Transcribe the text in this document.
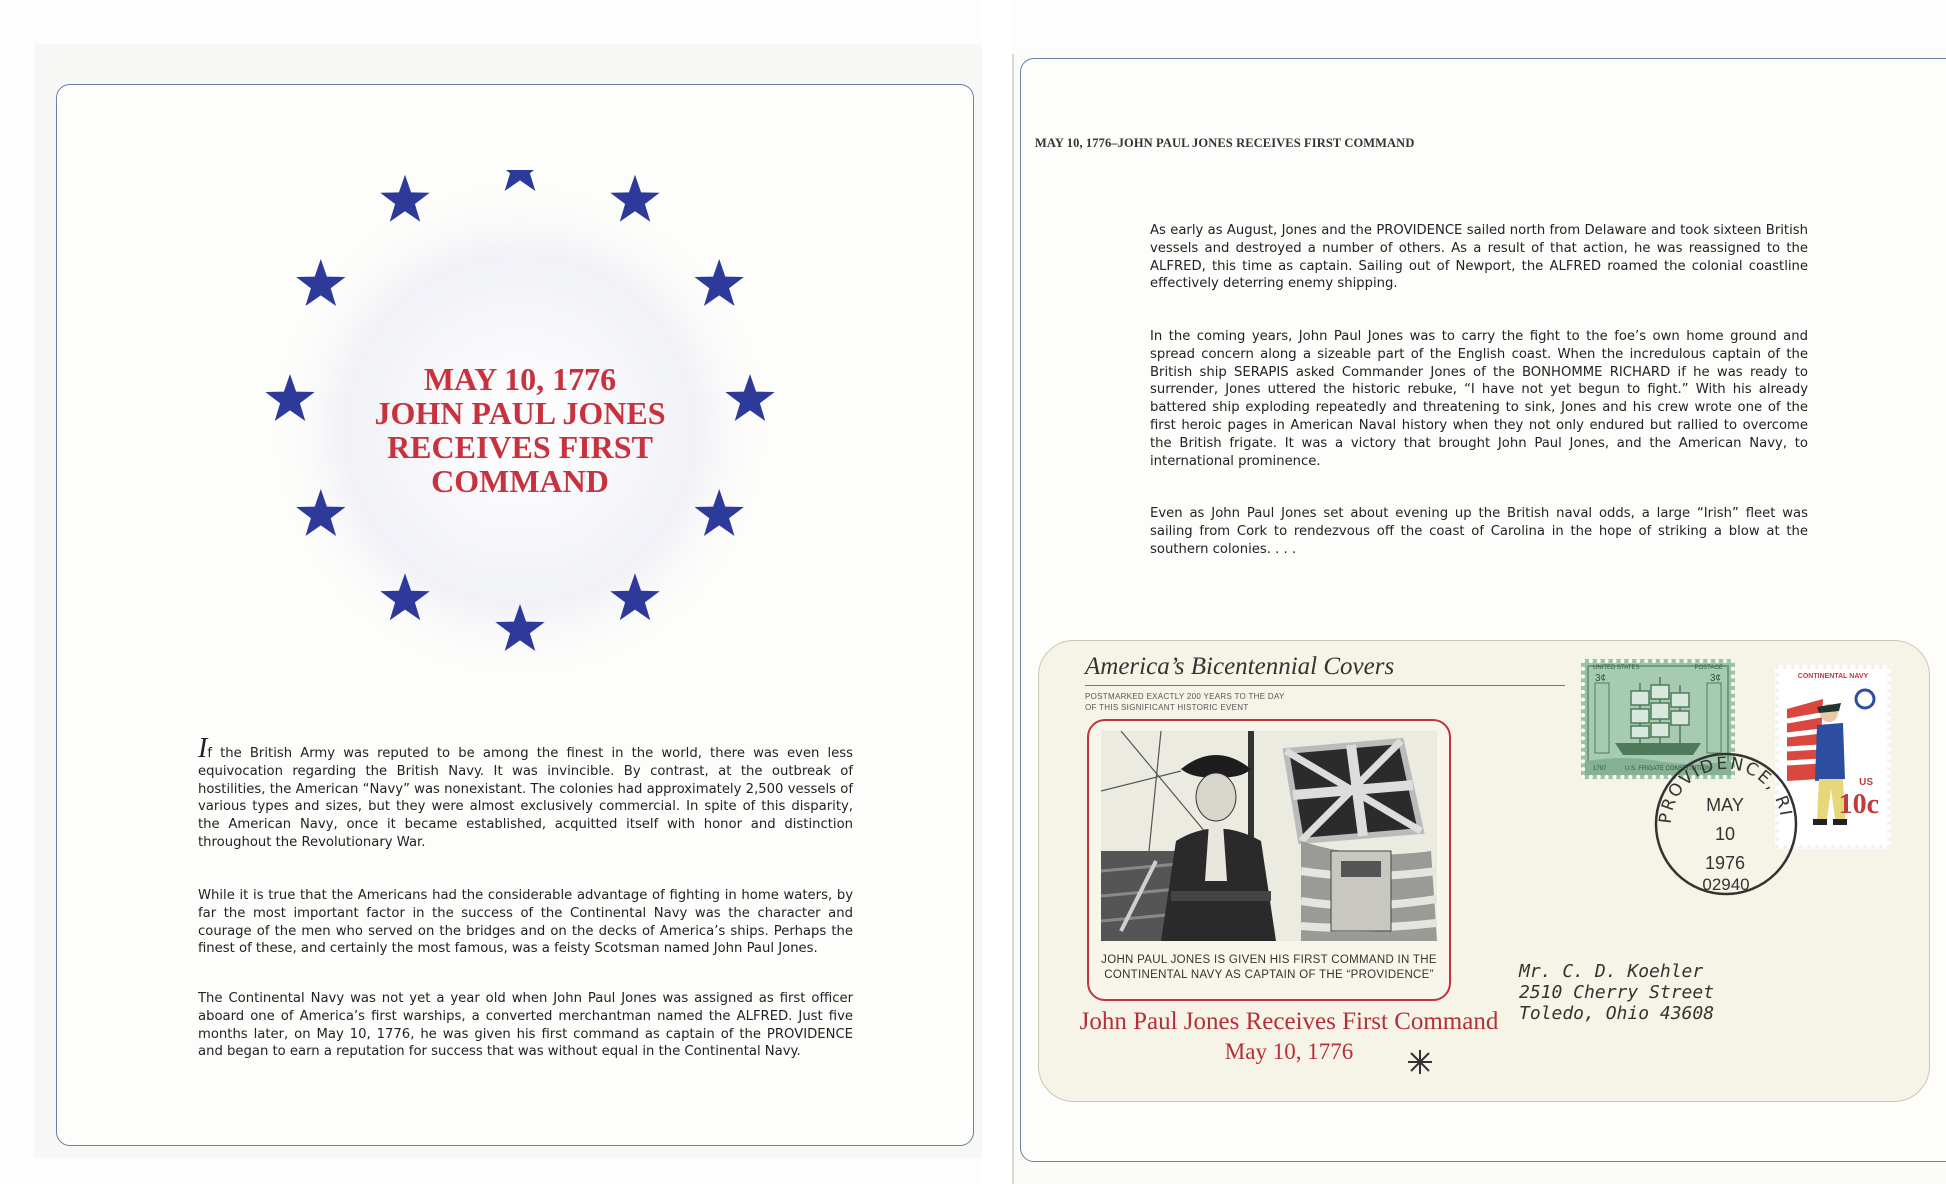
MAY 10, 1776
JOHN PAUL JONES
RECEIVES FIRST
COMMAND
If the British Army was reputed to be among the finest in the world, there was even less equivocation regarding the British Navy. It was invincible. By contrast, at the outbreak of hostilities, the American “Navy” was nonexistant. The colonies had approximately 2,500 vessels of various types and sizes, but they were almost exclusively commercial. In spite of this disparity, the American Navy, once it became established, acquitted itself with honor and distinction throughout the Revolutionary War.
While it is true that the Americans had the considerable advantage of fighting in home waters, by far the most important factor in the success of the Continental Navy was the character and courage of the men who served on the bridges and on the decks of America’s ships. Perhaps the finest of these, and certainly the most famous, was a feisty Scotsman named John Paul Jones.
The Continental Navy was not yet a year old when John Paul Jones was assigned as first officer aboard one of America’s first warships, a converted merchantman named the ALFRED. Just five months later, on May 10, 1776, he was given his first command as captain of the PROVIDENCE and began to earn a reputation for success that was without equal in the Continental Navy.
MAY 10, 1776–JOHN PAUL JONES RECEIVES FIRST COMMAND
As early as August, Jones and the PROVIDENCE sailed north from Delaware and took sixteen British vessels and destroyed a number of others. As a result of that action, he was reassigned to the ALFRED, this time as captain. Sailing out of Newport, the ALFRED roamed the colonial coastline effectively deterring enemy shipping.
In the coming years, John Paul Jones was to carry the fight to the foe’s own home ground and spread concern along a sizeable part of the English coast. When the incredulous captain of the British ship SERAPIS asked Commander Jones of the BONHOMME RICHARD if he was ready to surrender, Jones uttered the historic rebuke, “I have not yet begun to fight.” With his already battered ship exploding repeatedly and threatening to sink, Jones and his crew wrote one of the first heroic pages in American Naval history when they not only endured but rallied to overcome the British frigate. It was a victory that brought John Paul Jones, and the American Navy, to international prominence.
Even as John Paul Jones set about evening up the British naval odds, a large “Irish” fleet was sailing from Cork to rendezvous off the coast of Carolina in the hope of striking a blow at the southern colonies. . . .
America’s Bicentennial Covers
POSTMARKED EXACTLY 200 YEARS TO THE DAY OF THIS SIGNIFICANT HISTORIC EVENT
JOHN PAUL JONES IS GIVEN HIS FIRST COMMAND IN THE
CONTINENTAL NAVY AS CAPTAIN OF THE “PROVIDENCE”
John Paul Jones Receives First Command
May 10, 1776
UNITED STATES	POSTAGE
3¢	3¢
1797	U.S. FRIGATE CONSTITUTION
CONTINENTAL NAVY
US
10c
PROVIDENCE, RI
MAY
10
1976
02940
Mr. C. D. Koehler
2510 Cherry Street
Toledo, Ohio 43608
